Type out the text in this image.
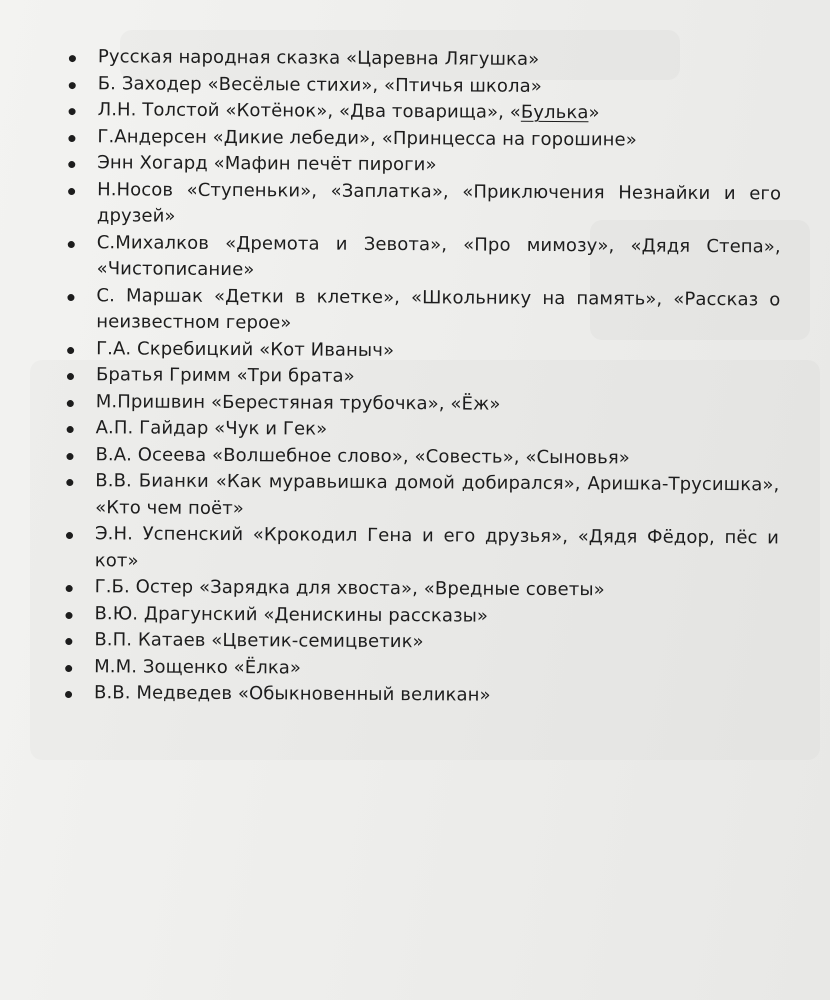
Русская народная сказка «Царевна Лягушка»
Б. Заходер «Весёлые стихи», «Птичья школа»
Л.Н. Толстой «Котёнок», «Два товарища», «Булька»
Г.Андерсен «Дикие лебеди», «Принцесса на горошине»
Энн Хогард «Мафин печёт пироги»
Н.Носов «Ступеньки», «Заплатка», «Приключения Незнайки и его друзей»
С.Михалков «Дремота и Зевота», «Про мимозу», «Дядя Степа», «Чистописание»
С. Маршак «Детки в клетке», «Школьнику на память», «Рассказ о неизвестном герое»
Г.А. Скребицкий «Кот Иваныч»
Братья Гримм «Три брата»
М.Пришвин «Берестяная трубочка», «Ёж»
А.П. Гайдар «Чук и Гек»
В.А. Осеева «Волшебное слово», «Совесть», «Сыновья»
В.В. Бианки «Как муравьишка домой добирался», Аришка-Трусишка», «Кто чем поёт»
Э.Н. Успенский «Крокодил Гена и его друзья», «Дядя Фёдор, пёс и кот»
Г.Б. Остер «Зарядка для хвоста», «Вредные советы»
В.Ю. Драгунский «Денискины рассказы»
В.П. Катаев «Цветик-семицветик»
М.М. Зощенко «Ёлка»
В.В. Медведев «Обыкновенный великан»
